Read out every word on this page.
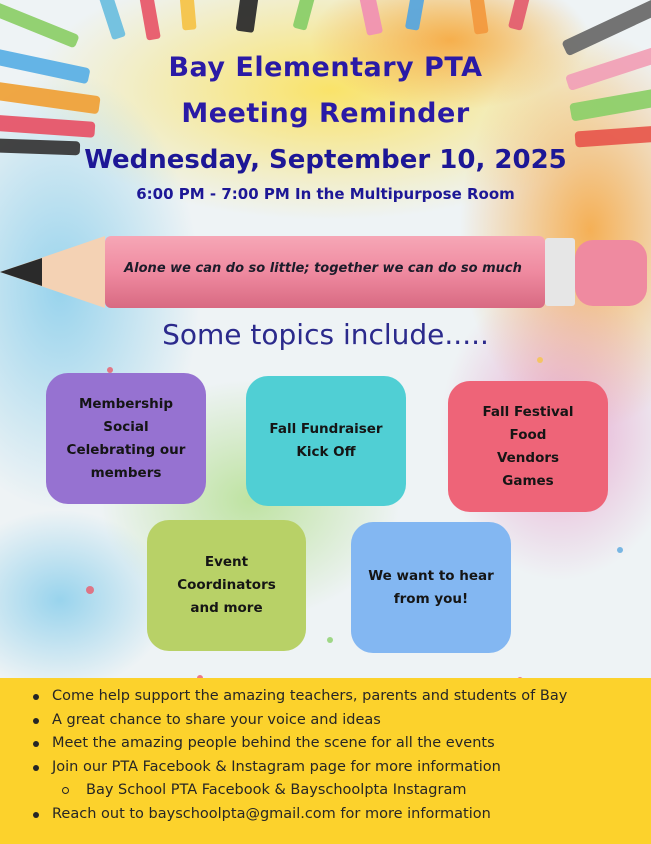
Bay Elementary PTA
Meeting Reminder
Wednesday, September 10, 2025
6:00 PM - 7:00 PM In the Multipurpose Room
Alone we can do so little; together we can do so much
Some topics include.....
Membership
Social
Celebrating our
members
Fall Fundraiser
Kick Off
Fall Festival
Food
Vendors
Games
Event
Coordinators
and more
We want to hear
from you!
Come help support the amazing teachers, parents and students of Bay
A great chance to share your voice and ideas
Meet the amazing people behind the scene for all the events
Join our PTA Facebook & Instagram page for more information
Bay School PTA Facebook & Bayschoolpta Instagram
Reach out to bayschoolpta@gmail.com for more information
